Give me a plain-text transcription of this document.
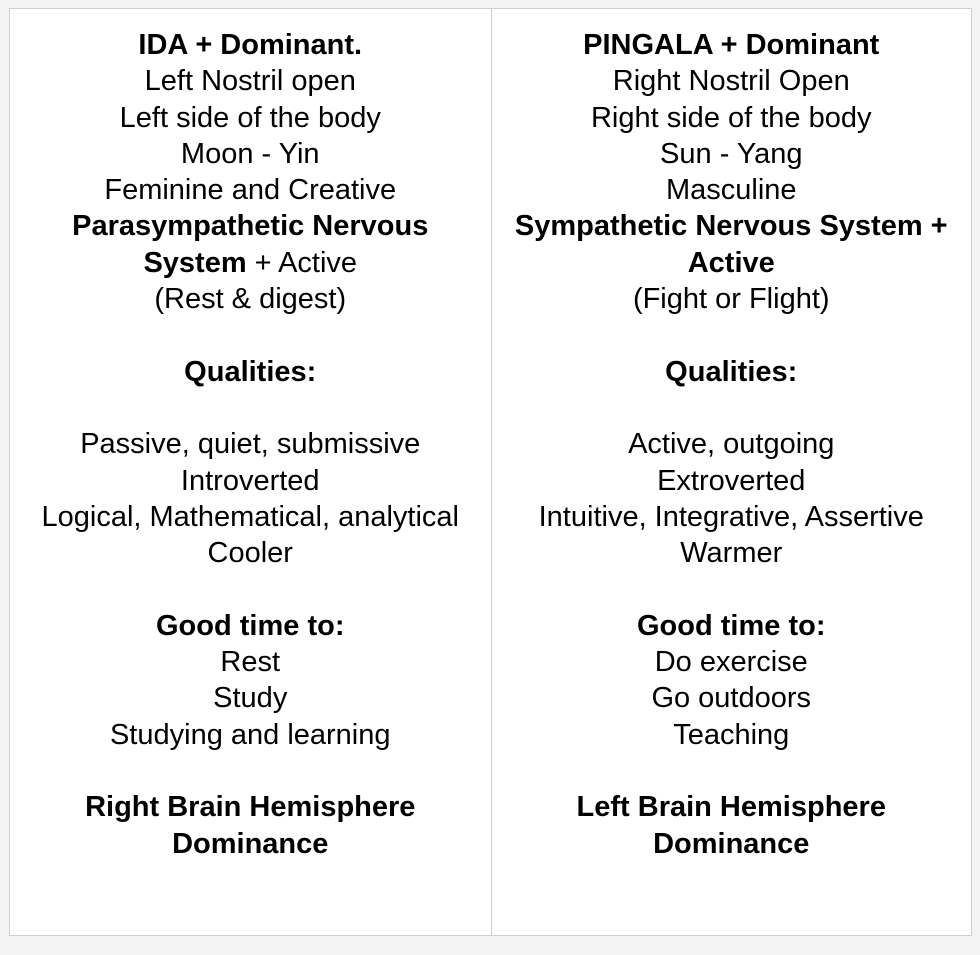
IDA + Dominant.
Left Nostril open
Left side of the body
Moon - Yin
Feminine and Creative
Parasympathetic Nervous
System + Active
(Rest & digest)
Qualities:
Passive, quiet, submissive
Introverted
Logical, Mathematical, analytical
Cooler
Good time to:
Rest
Study
Studying and learning
Right Brain Hemisphere
Dominance
PINGALA + Dominant
Right Nostril Open
Right side of the body
Sun - Yang
Masculine
Sympathetic Nervous System +
Active
(Fight or Flight)
Qualities:
Active, outgoing
Extroverted
Intuitive, Integrative, Assertive
Warmer
Good time to:
Do exercise
Go outdoors
Teaching
Left Brain Hemisphere
Dominance
